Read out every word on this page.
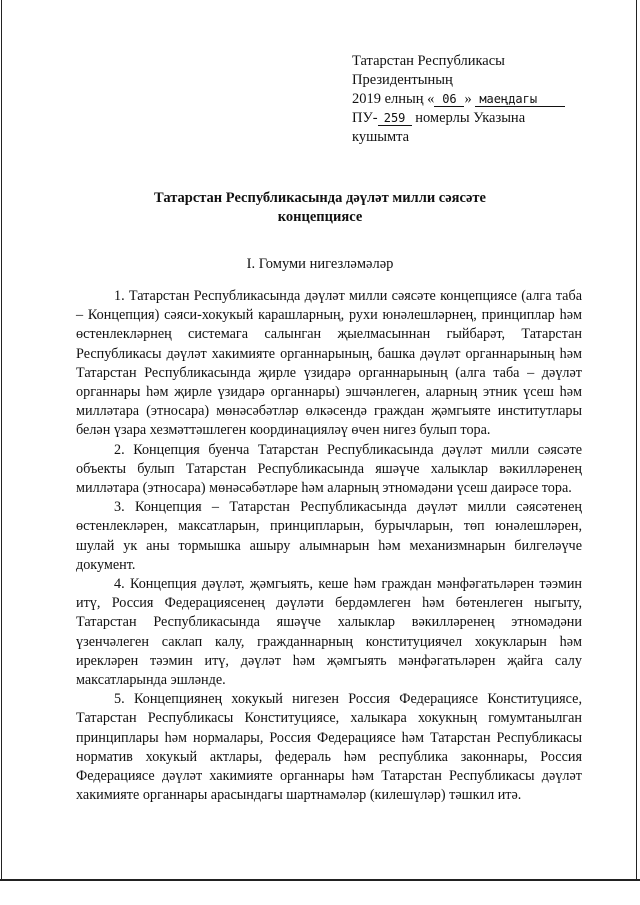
Татарстан Республикасы
Президентының
2019 елның « 06 » маеңдагы
ПУ- 259 номерлы Указына
кушымта
Татарстан Республикасында дәүләт милли сәясәте
концепциясе
I. Гомуми нигезләмәләр

1. Татарстан Республикасында дәүләт милли сәясәте концепциясе (алга таба – Концепция) сәяси-хокукый карашларның, рухи юнәлешләрнең, принциплар һәм өстенлекләрнең системага салынган җыелмасыннан гыйбарәт, Татарстан Республикасы дәүләт хакимияте органнарының, башка дәүләт органнарының һәм Татарстан Республикасында җирле үзидарә органнарының (алга таба – дәүләт органнары һәм җирле үзидарә органнары) эшчәнлеген, аларның этник үсеш һәм милләтара (этносара) мөнәсәбәтләр өлкәсендә граждан җәмгыяте институтлары белән үзара хезмәттәшлеген координацияләү өчен нигез булып тора.

2. Концепция буенча Татарстан Республикасында дәүләт милли сәясәте объекты булып Татарстан Республикасында яшәүче халыклар вәкилләренең милләтара (этносара) мөнәсәбәтләре һәм аларның этномәдәни үсеш даирәсе тора.

3. Концепция – Татарстан Республикасында дәүләт милли сәясәтенең өстенлекләрен, максатларын, принципларын, бурычларын, төп юнәлешләрен, шулай ук аны тормышка ашыру алымнарын һәм механизмнарын билгеләүче документ.

4. Концепция дәүләт, җәмгыять, кеше һәм граждан мәнфәгатьләрен тәэмин итү, Россия Федерациясенең дәүләти бердәмлеген һәм бөтенлеген ныгыту, Татарстан Республикасында яшәүче халыклар вәкилләренең этномәдәни үзенчәлеген саклап калу, гражданнарның конституциячел хокукларын һәм ирекләрен тәэмин итү, дәүләт һәм җәмгыять мәнфәгатьләрен җайга салу максатларында эшләнде.

5. Концепциянең хокукый нигезен Россия Федерациясе Конституциясе, Татарстан Республикасы Конституциясе, халыкара хокукның гомумтанылган принциплары һәм нормалары, Россия Федерациясе һәм Татарстан Республикасы норматив хокукый актлары, федераль һәм республика законнары, Россия Федерациясе дәүләт хакимияте органнары һәм Татарстан Республикасы дәүләт хакимияте органнары арасындагы шартнамәләр (килешүләр) тәшкил итә.
